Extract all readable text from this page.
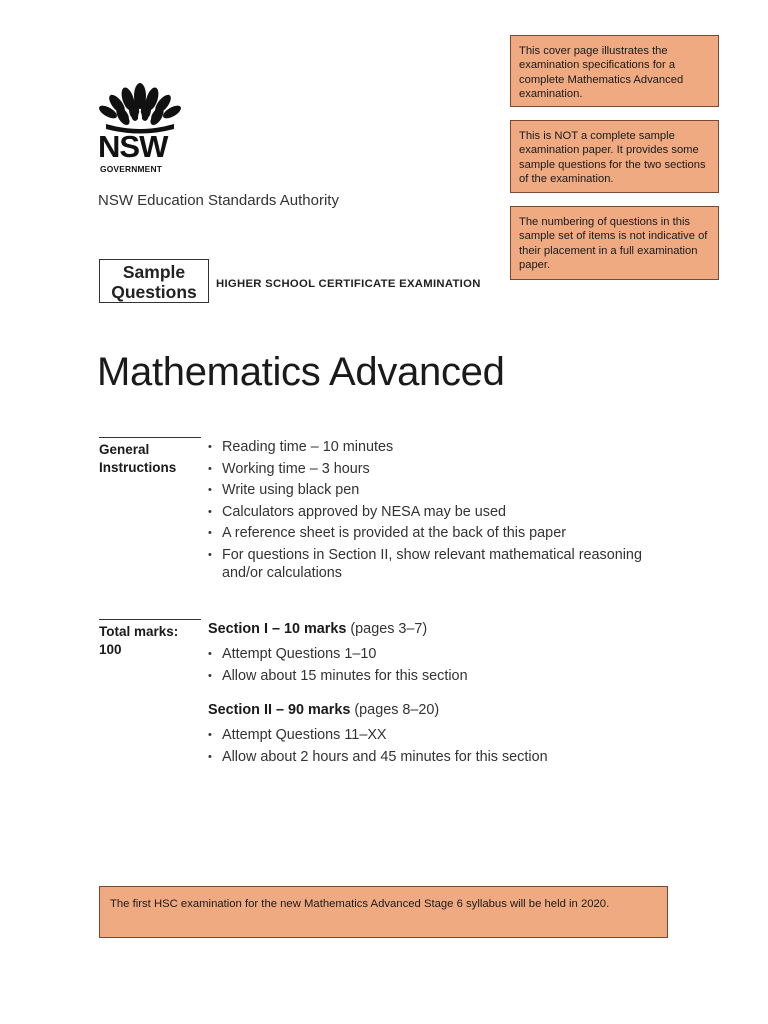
This cover page illustrates the examination specifications for a complete Mathematics Advanced examination.
This is NOT a complete sample examination paper. It provides some sample questions for the two sections of the examination.
The numbering of questions in this sample set of items is not indicative of their placement in a full examination paper.
NSW
GOVERNMENT
NSW Education Standards Authority
Sample
Questions	HIGHER SCHOOL CERTIFICATE EXAMINATION
Mathematics Advanced
General
Instructions
• Reading time – 10 minutes
• Working time – 3 hours
• Write using black pen
• Calculators approved by NESA may be used
• A reference sheet is provided at the back of this paper
• For questions in Section II, show relevant mathematical reasoning and/or calculations
Total marks:
100
Section I – 10 marks (pages 3–7)
• Attempt Questions 1–10
• Allow about 15 minutes for this section
Section II – 90 marks (pages 8–20)
• Attempt Questions 11–XX
• Allow about 2 hours and 45 minutes for this section
The first HSC examination for the new Mathematics Advanced Stage 6 syllabus will be held in 2020.
